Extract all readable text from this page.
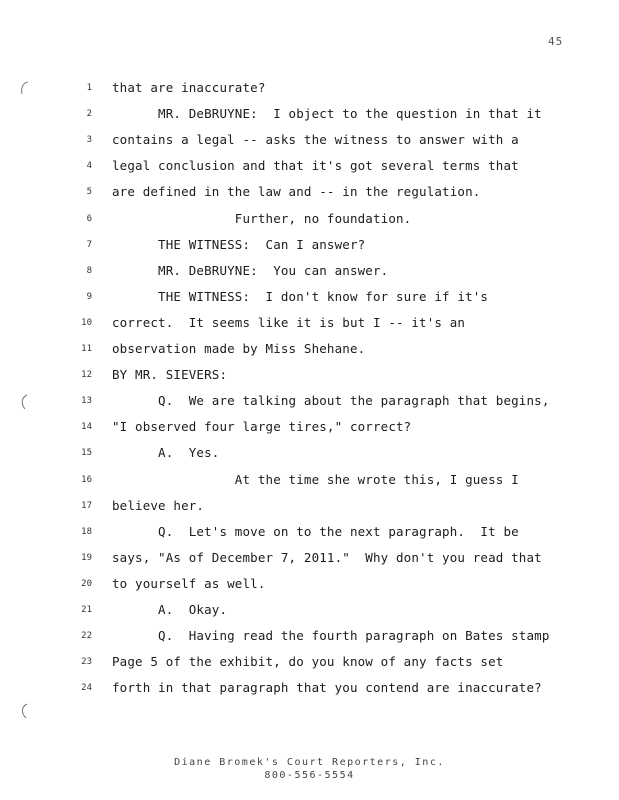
45
1 that are inaccurate?
2 MR. DeBRUYNE:  I object to the question in that it
3 contains a legal -- asks the witness to answer with a
4 legal conclusion and that it's got several terms that
5 are defined in the law and -- in the regulation.
6 Further, no foundation.
7 THE WITNESS:  Can I answer?
8 MR. DeBRUYNE:  You can answer.
9 THE WITNESS:  I don't know for sure if it's
10 correct.  It seems like it is but I -- it's an
11 observation made by Miss Shehane.
12 BY MR. SIEVERS:
13 Q.  We are talking about the paragraph that begins,
14 "I observed four large tires," correct?
15 A.  Yes.
16 At the time she wrote this, I guess I
17 believe her.
18 Q.  Let's move on to the next paragraph.  It be
19 says, "As of December 7, 2011."  Why don't you read that
20 to yourself as well.
21 A.  Okay.
22 Q.  Having read the fourth paragraph on Bates stamp
23 Page 5 of the exhibit, do you know of any facts set
24 forth in that paragraph that you contend are inaccurate?
Diane Bromek's Court Reporters, Inc.
800-556-5554
